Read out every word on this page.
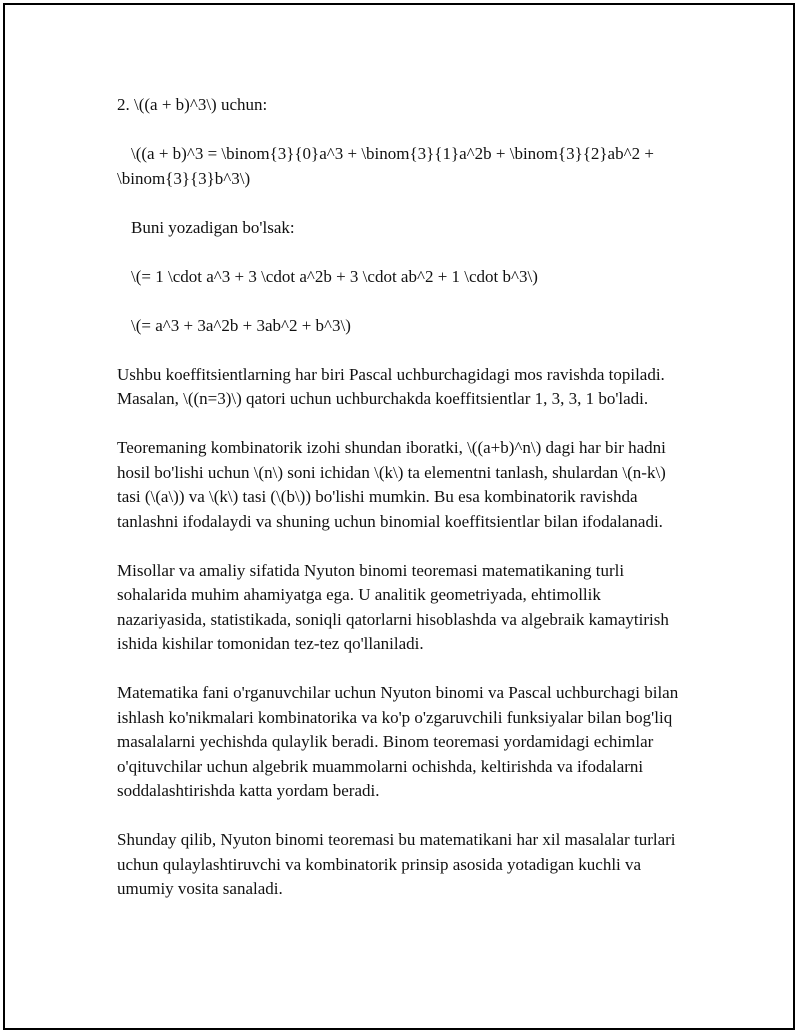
2. \((a + b)^3\) uchun:

\((a + b)^3 = \binom{3}{0}a^3 + \binom{3}{1}a^2b + \binom{3}{2}ab^2 + \binom{3}{3}b^3\)

Buni yozadigan bo'lsak:

\(= 1 \cdot a^3 + 3 \cdot a^2b + 3 \cdot ab^2 + 1 \cdot b^3\)

\(= a^3 + 3a^2b + 3ab^2 + b^3\)

Ushbu koeffitsientlarning har biri Pascal uchburchagidagi mos ravishda topiladi. Masalan, \((n=3)\) qatori uchun uchburchakda koeffitsientlar 1, 3, 3, 1 bo'ladi.

Teoremaning kombinatorik izohi shundan iboratki, \((a+b)^n\) dagi har bir hadni hosil bo'lishi uchun \(n\) soni ichidan \(k\) ta elementni tanlash, shulardan \(n-k\) tasi (\(a\)) va \(k\) tasi (\(b\)) bo'lishi mumkin. Bu esa kombinatorik ravishda tanlashni ifodalaydi va shuning uchun binomial koeffitsientlar bilan ifodalanadi.

Misollar va amaliy sifatida Nyuton binomi teoremasi matematikaning turli sohalarida muhim ahamiyatga ega. U analitik geometriyada, ehtimollik nazariyasida, statistikada, soniqli qatorlarni hisoblashda va algebraik kamaytirish ishida kishilar tomonidan tez-tez qo'llaniladi.

Matematika fani o'rganuvchilar uchun Nyuton binomi va Pascal uchburchagi bilan ishlash ko'nikmalari kombinatorika va ko'p o'zgaruvchili funksiyalar bilan bog'liq masalalarni yechishda qulaylik beradi. Binom teoremasi yordamidagi echimlar o'qituvchilar uchun algebrik muammolarni ochishda, keltirishda va ifodalarni soddalashtirishda katta yordam beradi.

Shunday qilib, Nyuton binomi teoremasi bu matematikani har xil masalalar turlari uchun qulaylashtiruvchi va kombinatorik prinsip asosida yotadigan kuchli va umumiy vosita sanaladi.
